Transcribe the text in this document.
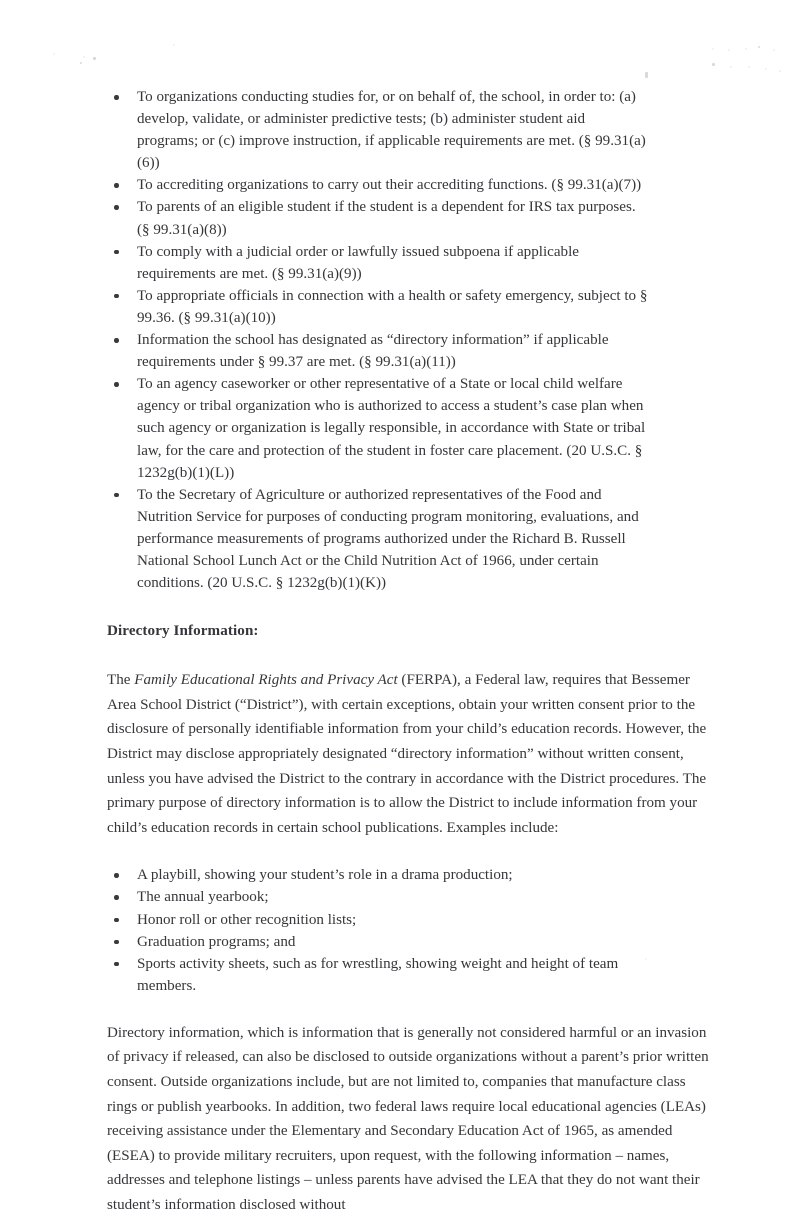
To organizations conducting studies for, or on behalf of, the school, in order to: (a) develop, validate, or administer predictive tests; (b) administer student aid programs; or (c) improve instruction, if applicable requirements are met. (§ 99.31(a)(6))
To accrediting organizations to carry out their accrediting functions. (§ 99.31(a)(7))
To parents of an eligible student if the student is a dependent for IRS tax purposes. (§ 99.31(a)(8))
To comply with a judicial order or lawfully issued subpoena if applicable requirements are met. (§ 99.31(a)(9))
To appropriate officials in connection with a health or safety emergency, subject to § 99.36. (§ 99.31(a)(10))
Information the school has designated as “directory information” if applicable requirements under § 99.37 are met. (§ 99.31(a)(11))
To an agency caseworker or other representative of a State or local child welfare agency or tribal organization who is authorized to access a student’s case plan when such agency or organization is legally responsible, in accordance with State or tribal law, for the care and protection of the student in foster care placement. (20 U.S.C. § 1232g(b)(1)(L))
To the Secretary of Agriculture or authorized representatives of the Food and Nutrition Service for purposes of conducting program monitoring, evaluations, and performance measurements of programs authorized under the Richard B. Russell National School Lunch Act or the Child Nutrition Act of 1966, under certain conditions. (20 U.S.C. § 1232g(b)(1)(K))
Directory Information:

The Family Educational Rights and Privacy Act (FERPA), a Federal law, requires that Bessemer Area School District (“District”), with certain exceptions, obtain your written consent prior to the disclosure of personally identifiable information from your child’s education records. However, the District may disclose appropriately designated “directory information” without written consent, unless you have advised the District to the contrary in accordance with the District procedures. The primary purpose of directory information is to allow the District to include information from your child’s education records in certain school publications. Examples include:

A playbill, showing your student’s role in a drama production;
The annual yearbook;
Honor roll or other recognition lists;
Graduation programs; and
Sports activity sheets, such as for wrestling, showing weight and height of team members.

Directory information, which is information that is generally not considered harmful or an invasion of privacy if released, can also be disclosed to outside organizations without a parent’s prior written consent. Outside organizations include, but are not limited to, companies that manufacture class rings or publish yearbooks. In addition, two federal laws require local educational agencies (LEAs) receiving assistance under the Elementary and Secondary Education Act of 1965, as amended (ESEA) to provide military recruiters, upon request, with the following information – names, addresses and telephone listings – unless parents have advised the LEA that they do not want their student’s information disclosed without
